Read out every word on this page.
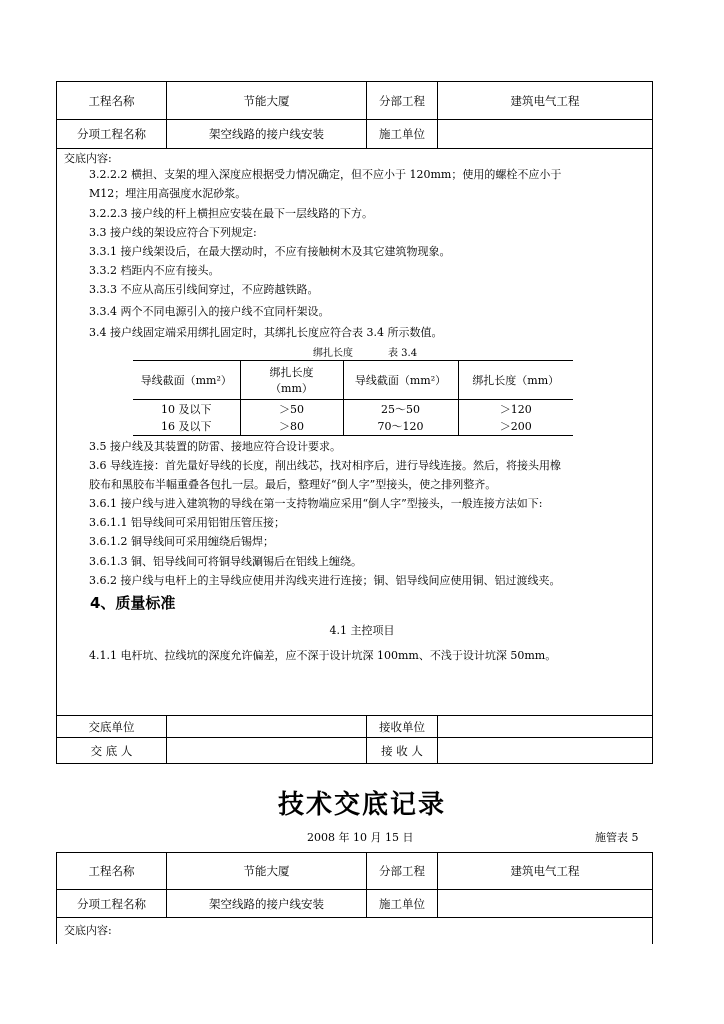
工程名称	节能大厦	分部工程	建筑电气工程
分项工程名称	架空线路的接户线安装	施工单位	
交底内容:
3.2.2.2 横担、支架的埋入深度应根据受力情况确定，但不应小于 120mm；使用的螺栓不应小于
M12；埋注用高强度水泥砂浆。
3.2.2.3 接户线的杆上横担应安装在最下一层线路的下方。
3.3 接户线的架设应符合下列规定:
3.3.1 接户线架设后，在最大摆动时，不应有接触树木及其它建筑物现象。
3.3.2 档距内不应有接头。
3.3.3 不应从高压引线间穿过，不应跨越铁路。
3.3.4 两个不同电源引入的接户线不宜同杆架设。
3.4 接户线固定端采用绑扎固定时，其绑扎长度应符合表 3.4 所示数值。
绑扎长度	表 3.4
导线截面（mm²）	绑扎长度（mm）	导线截面（mm²）	绑扎长度（mm）
10 及以下	＞50	25～50	＞120
16 及以下	＞80	70～120	＞200
3.5 接户线及其装置的防雷、接地应符合设计要求。
3.6 导线连接：首先量好导线的长度，削出线芯，找对相序后，进行导线连接。然后，将接头用橡
胶布和黑胶布半幅重叠各包扎一层。最后，整理好“倒人字”型接头，使之排列整齐。
3.6.1 接户线与进入建筑物的导线在第一支持物端应采用“倒人字”型接头，一般连接方法如下:
3.6.1.1 铝导线间可采用铝钳压管压接；
3.6.1.2 铜导线间可采用缠绕后锡焊；
3.6.1.3 铜、铝导线间可将铜导线涮锡后在铝线上缠绕。
3.6.2 接户线与电杆上的主导线应使用并沟线夹进行连接；铜、铝导线间应使用铜、铝过渡线夹。
4、质量标准
4.1 主控项目
4.1.1 电杆坑、拉线坑的深度允许偏差，应不深于设计坑深 100mm、不浅于设计坑深 50mm。
交底单位		接收单位	
交 底 人		接 收 人	
技术交底记录
2008 年 10 月 15 日	施管表 5
工程名称	节能大厦	分部工程	建筑电气工程
分项工程名称	架空线路的接户线安装	施工单位	
交底内容:
